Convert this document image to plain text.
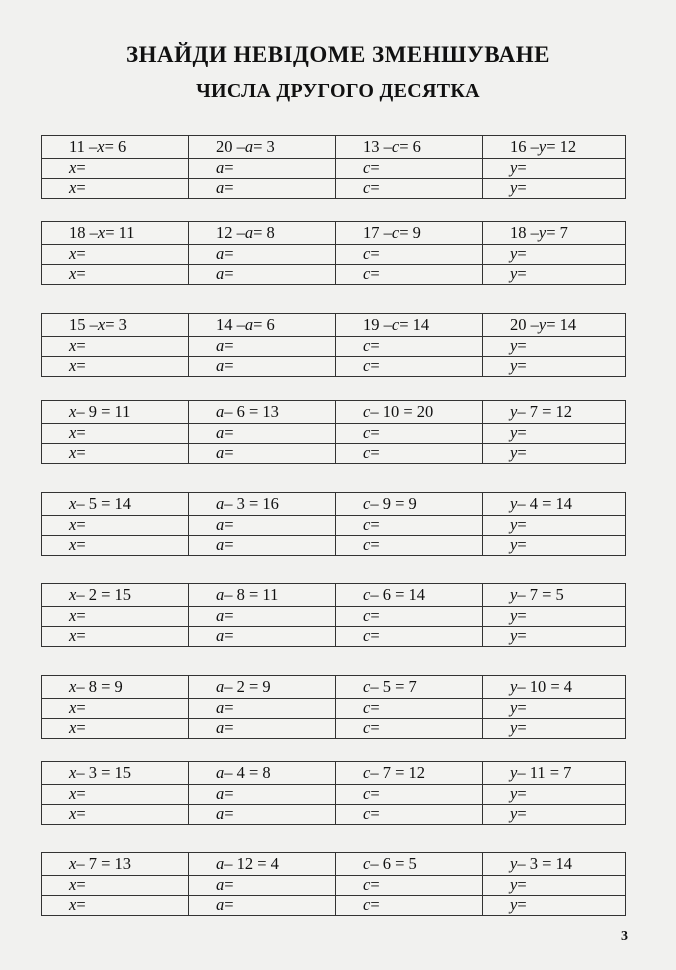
ЗНАЙДИ НЕВІДОМЕ ЗМЕНШУВАНЕ
ЧИСЛА ДРУГОГО ДЕСЯТКА
11 – x = 6	20 – a = 3	13 – c = 6	16 – y = 12
x =	a =	c =	y =
x =	a =	c =	y =
18 – x = 11	12 – a = 8	17 – c = 9	18 – y = 7
x =	a =	c =	y =
x =	a =	c =	y =
15 – x = 3	14 – a = 6	19 – c = 14	20 – y = 14
x =	a =	c =	y =
x =	a =	c =	y =
x – 9 = 11	a – 6 = 13	c – 10 = 20	y – 7 = 12
x =	a =	c =	y =
x =	a =	c =	y =
x – 5 = 14	a – 3 = 16	c – 9 = 9	y – 4 = 14
x =	a =	c =	y =
x =	a =	c =	y =
x – 2 = 15	a – 8 = 11	c – 6 = 14	y – 7 = 5
x =	a =	c =	y =
x =	a =	c =	y =
x – 8 = 9	a – 2 = 9	c – 5 = 7	y – 10 = 4
x =	a =	c =	y =
x =	a =	c =	y =
x – 3 = 15	a – 4 = 8	c – 7 = 12	y – 11 = 7
x =	a =	c =	y =
x =	a =	c =	y =
x – 7 = 13	a – 12 = 4	c – 6 = 5	y – 3 = 14
x =	a =	c =	y =
x =	a =	c =	y =
3
